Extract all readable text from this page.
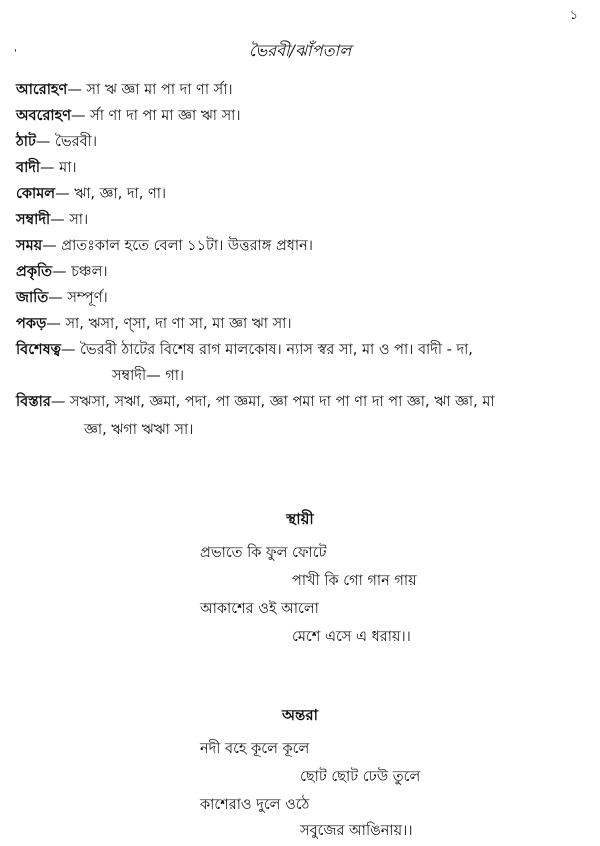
১
ভৈরবী/ঝাঁপতাল
'
আরোহণ— সা ঋ জ্ঞা মা পা দা ণা র্সা।
অবরোহণ— র্সা ণা দা পা মা জ্ঞা ঋা সা।
ঠাট— ভৈরবী।
বাদী— মা।
কোমল— ঋা, জ্ঞা, দা, ণা।
সম্বাদী— সা।
সময়— প্রাতঃকাল হতে বেলা ১১টা। উত্তরাঙ্গ প্রধান।
প্রকৃতি— চঞ্চল।
জাতি— সম্পূর্ণ।
পকড়— সা, ঋসা, ণ্সা, দা ণা সা, মা জ্ঞা ঋা সা।
বিশেষত্ব— ভৈরবী ঠাটের বিশেষ রাগ মালকোষ। ন্যাস স্বর সা, মা ও পা। বাদী - দা,
সম্বাদী— গা।
বিস্তার— সঋসা, সঋা, জ্ঞমা, পদা, পা জ্ঞমা, জ্ঞা পমা দা পা ণা দা পা জ্ঞা, ঋা জ্ঞা, মা
জ্ঞা, ঋগা ঋঋা সা।
স্থায়ী
প্রভাতে কি ফুল ফোটে
পাখী কি গো গান গায়
আকাশের ওই আলো
মেশে এসে এ ধরায়।।
অন্তরা
নদী বহে কূলে কূলে
ছোট ছোট ঢেউ তুলে
কাশেরাও দুলে ওঠে
সবুজের আঙিনায়।।
